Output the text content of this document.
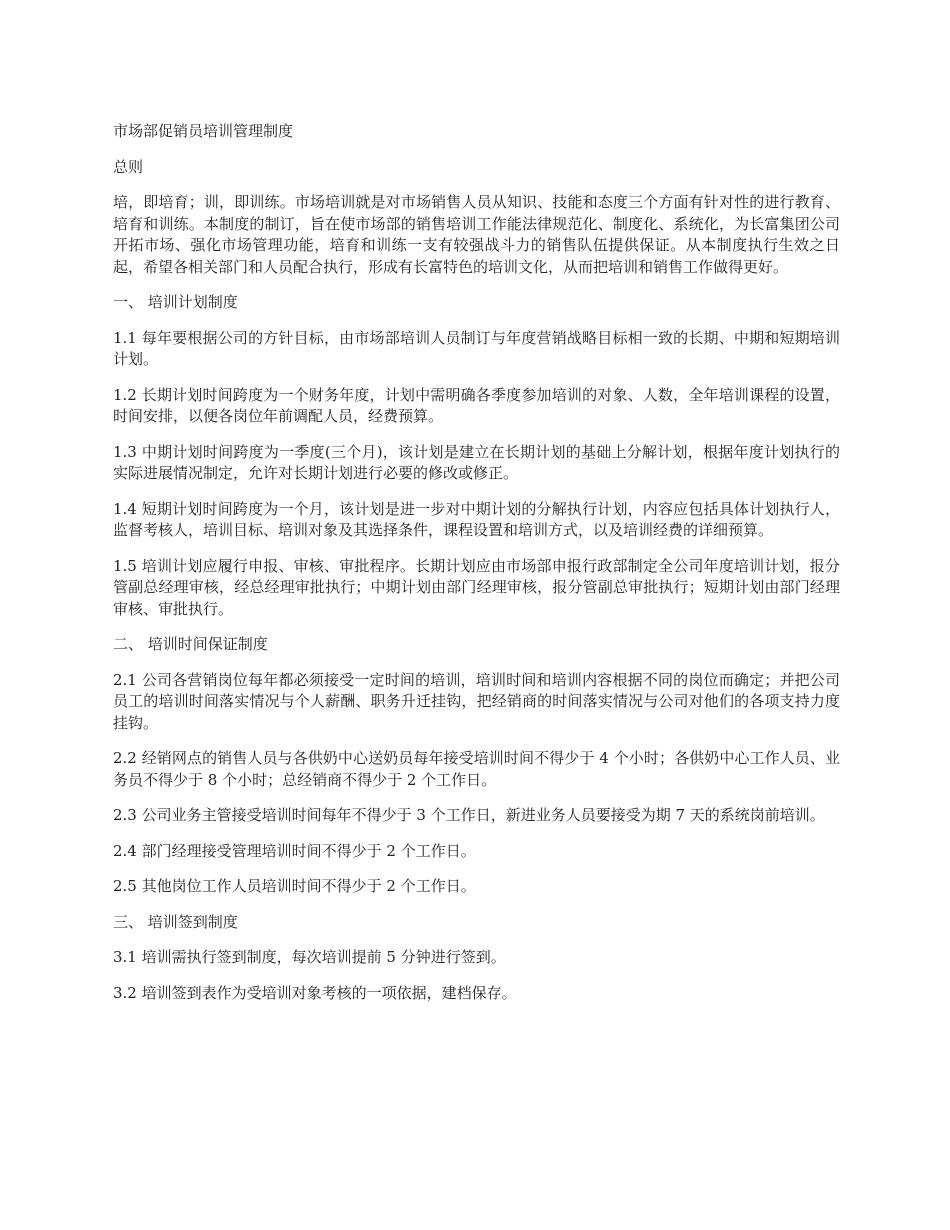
市场部促销员培训管理制度

总则

培，即培育；训，即训练。市场培训就是对市场销售人员从知识、技能和态度三个方面有针对性的进行教育、培育和训练。本制度的制订，旨在使市场部的销售培训工作能法律规范化、制度化、系统化，为长富集团公司开拓市场、强化市场管理功能，培育和训练一支有较强战斗力的销售队伍提供保证。从本制度执行生效之日起，希望各相关部门和人员配合执行，形成有长富特色的培训文化，从而把培训和销售工作做得更好。

一、 培训计划制度

1.1 每年要根据公司的方针目标，由市场部培训人员制订与年度营销战略目标相一致的长期、中期和短期培训计划。

1.2 长期计划时间跨度为一个财务年度，计划中需明确各季度参加培训的对象、人数，全年培训课程的设置，时间安排，以便各岗位年前调配人员，经费预算。

1.3 中期计划时间跨度为一季度(三个月)，该计划是建立在长期计划的基础上分解计划，根据年度计划执行的实际进展情况制定，允许对长期计划进行必要的修改或修正。

1.4 短期计划时间跨度为一个月，该计划是进一步对中期计划的分解执行计划，内容应包括具体计划执行人，监督考核人，培训目标、培训对象及其选择条件，课程设置和培训方式，以及培训经费的详细预算。

1.5 培训计划应履行申报、审核、审批程序。长期计划应由市场部申报行政部制定全公司年度培训计划，报分管副总经理审核，经总经理审批执行；中期计划由部门经理审核，报分管副总审批执行；短期计划由部门经理审核、审批执行。

二、 培训时间保证制度

2.1 公司各营销岗位每年都必须接受一定时间的培训，培训时间和培训内容根据不同的岗位而确定；并把公司员工的培训时间落实情况与个人薪酬、职务升迁挂钩，把经销商的时间落实情况与公司对他们的各项支持力度挂钩。

2.2 经销网点的销售人员与各供奶中心送奶员每年接受培训时间不得少于 4 个小时；各供奶中心工作人员、业务员不得少于 8 个小时；总经销商不得少于 2 个工作日。

2.3 公司业务主管接受培训时间每年不得少于 3 个工作日，新进业务人员要接受为期 7 天的系统岗前培训。

2.4 部门经理接受管理培训时间不得少于 2 个工作日。

2.5 其他岗位工作人员培训时间不得少于 2 个工作日。

三、 培训签到制度

3.1 培训需执行签到制度，每次培训提前 5 分钟进行签到。

3.2 培训签到表作为受培训对象考核的一项依据，建档保存。
